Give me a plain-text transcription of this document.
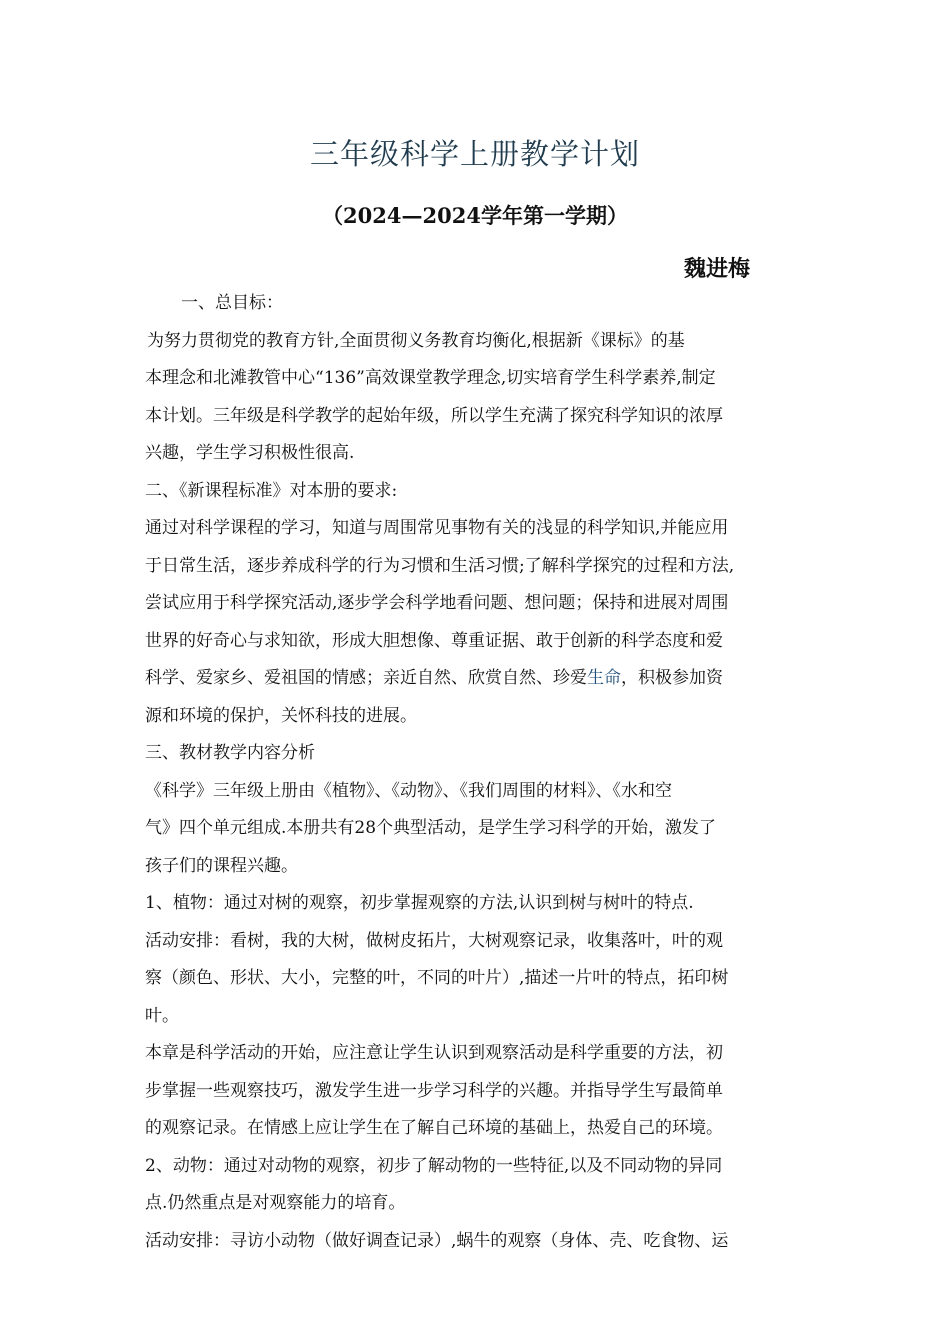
三年级科学上册教学计划
（2024—2024学年第一学期）
魏进梅
一、总目标：
为努力贯彻党的教育方针,全面贯彻义务教育均衡化,根据新《课标》的基
本理念和北滩教管中心“136”高效课堂教学理念,切实培育学生科学素养,制定
本计划。三年级是科学教学的起始年级，所以学生充满了探究科学知识的浓厚
兴趣，学生学习积极性很高.
二、《新课程标准》对本册的要求:
通过对科学课程的学习，知道与周围常见事物有关的浅显的科学知识,并能应用
于日常生活，逐步养成科学的行为习惯和生活习惯;了解科学探究的过程和方法,
尝试应用于科学探究活动,逐步学会科学地看问题、想问题；保持和进展对周围
世界的好奇心与求知欲，形成大胆想像、尊重证据、敢于创新的科学态度和爱
科学、爱家乡、爱祖国的情感；亲近自然、欣赏自然、珍爱生命，积极参加资
源和环境的保护，关怀科技的进展。
三、教材教学内容分析
《科学》三年级上册由《植物》、《动物》、《我们周围的材料》、《水和空
气》四个单元组成.本册共有28个典型活动，是学生学习科学的开始，激发了
孩子们的课程兴趣。
1、植物：通过对树的观察，初步掌握观察的方法,认识到树与树叶的特点.
活动安排：看树，我的大树，做树皮拓片，大树观察记录，收集落叶，叶的观
察（颜色、形状、大小，完整的叶，不同的叶片）,描述一片叶的特点，拓印树
叶。
本章是科学活动的开始，应注意让学生认识到观察活动是科学重要的方法，初
步掌握一些观察技巧，激发学生进一步学习科学的兴趣。并指导学生写最简单
的观察记录。在情感上应让学生在了解自己环境的基础上，热爱自己的环境。
2、动物：通过对动物的观察，初步了解动物的一些特征,以及不同动物的异同
点.仍然重点是对观察能力的培育。
活动安排：寻访小动物（做好调查记录）,蜗牛的观察（身体、壳、吃食物、运
